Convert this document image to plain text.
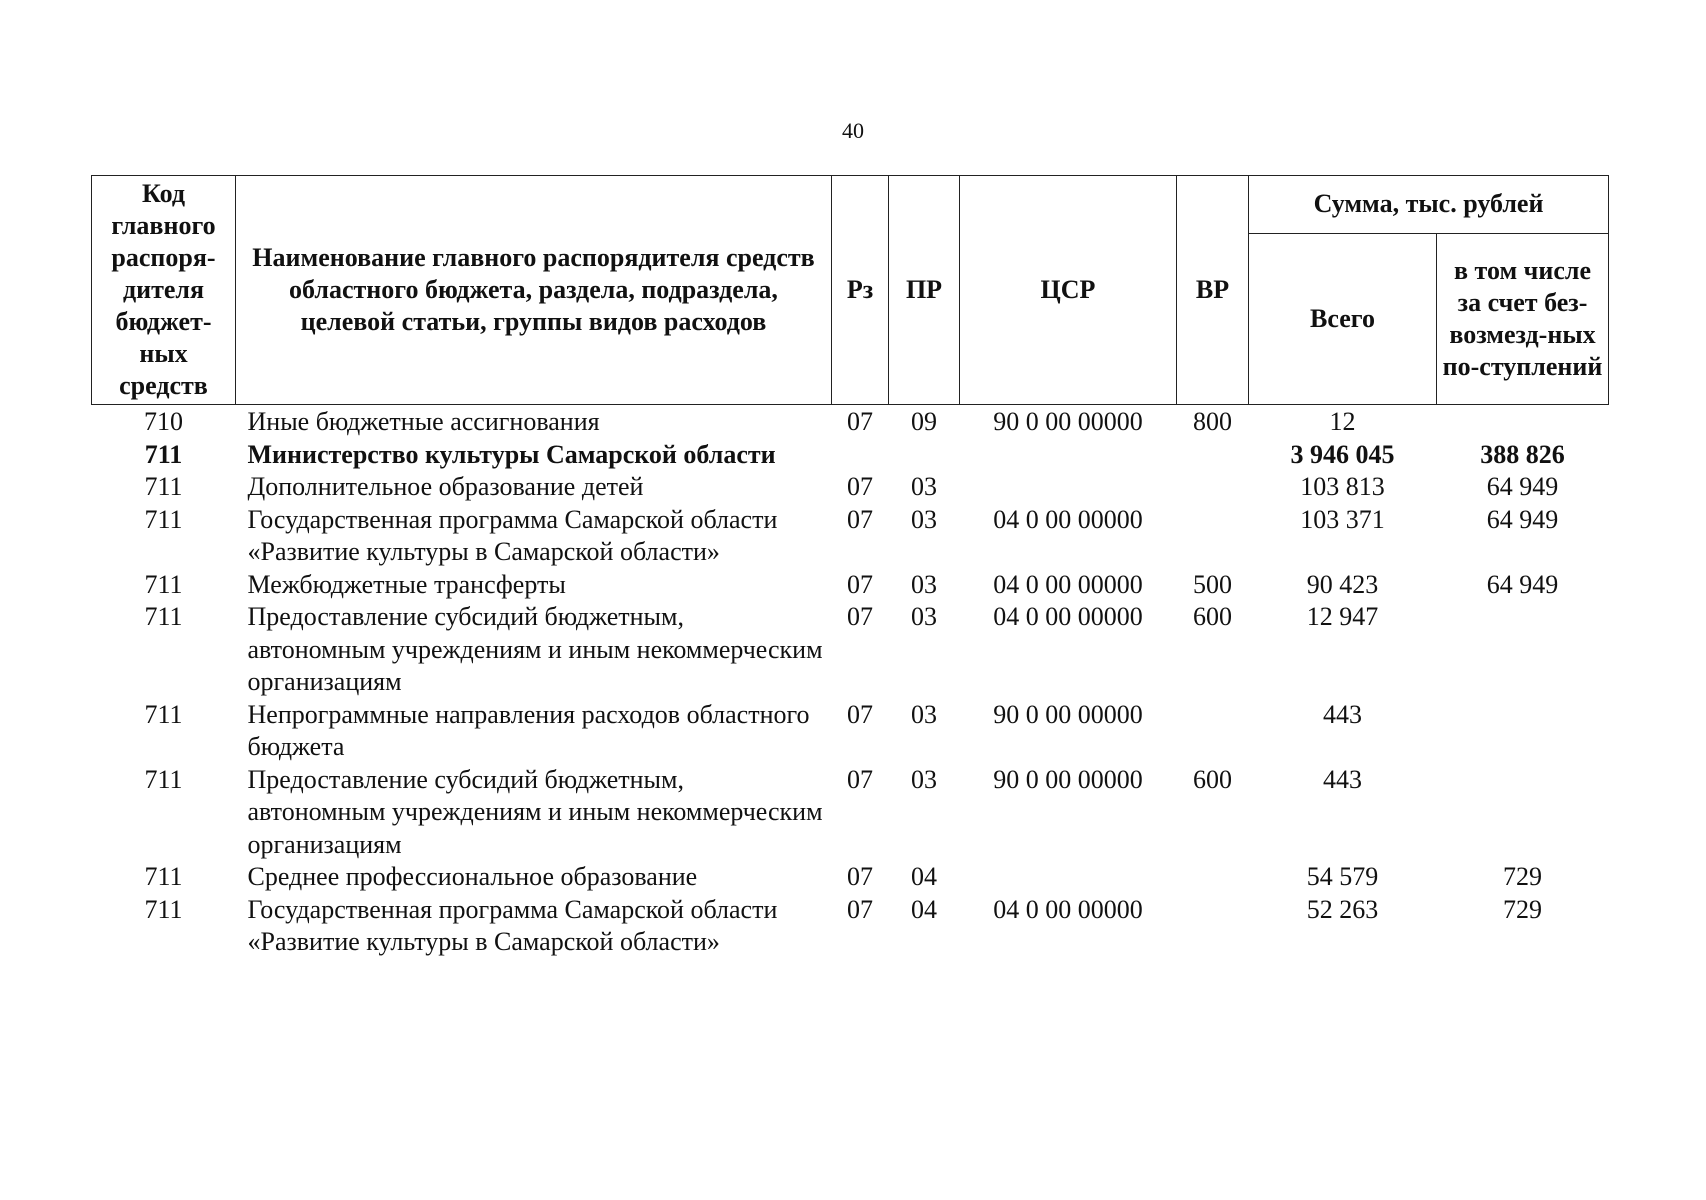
40
Код главного распоря-дителя бюджет-ных средств	Наименование главного распорядителя средств областного бюджета, раздела, подраздела, целевой статьи, группы видов расходов	Рз	ПР	ЦСР	ВР	Сумма, тыс. рублей	
						Всего	в том числе за счет без-возмезд-ных по-ступлений
710	Иные бюджетные ассигнования	07	09	90 0 00 00000	800	12	
711	Министерство культуры Самарской области					3 946 045	388 826
711	Дополнительное образование детей	07	03			103 813	64 949
711	Государственная программа Самарской области «Развитие культуры в Самарской области»	07	03	04 0 00 00000		103 371	64 949
711	Межбюджетные трансферты	07	03	04 0 00 00000	500	90 423	64 949
711	Предоставление субсидий бюджетным, автономным учреждениям и иным некоммерческим организациям	07	03	04 0 00 00000	600	12 947	
711	Непрограммные направления расходов областного бюджета	07	03	90 0 00 00000		443	
711	Предоставление субсидий бюджетным, автономным учреждениям и иным некоммерческим организациям	07	03	90 0 00 00000	600	443	
711	Среднее профессиональное образование	07	04			54 579	729
711	Государственная программа Самарской области «Развитие культуры в Самарской области»	07	04	04 0 00 00000		52 263	729
